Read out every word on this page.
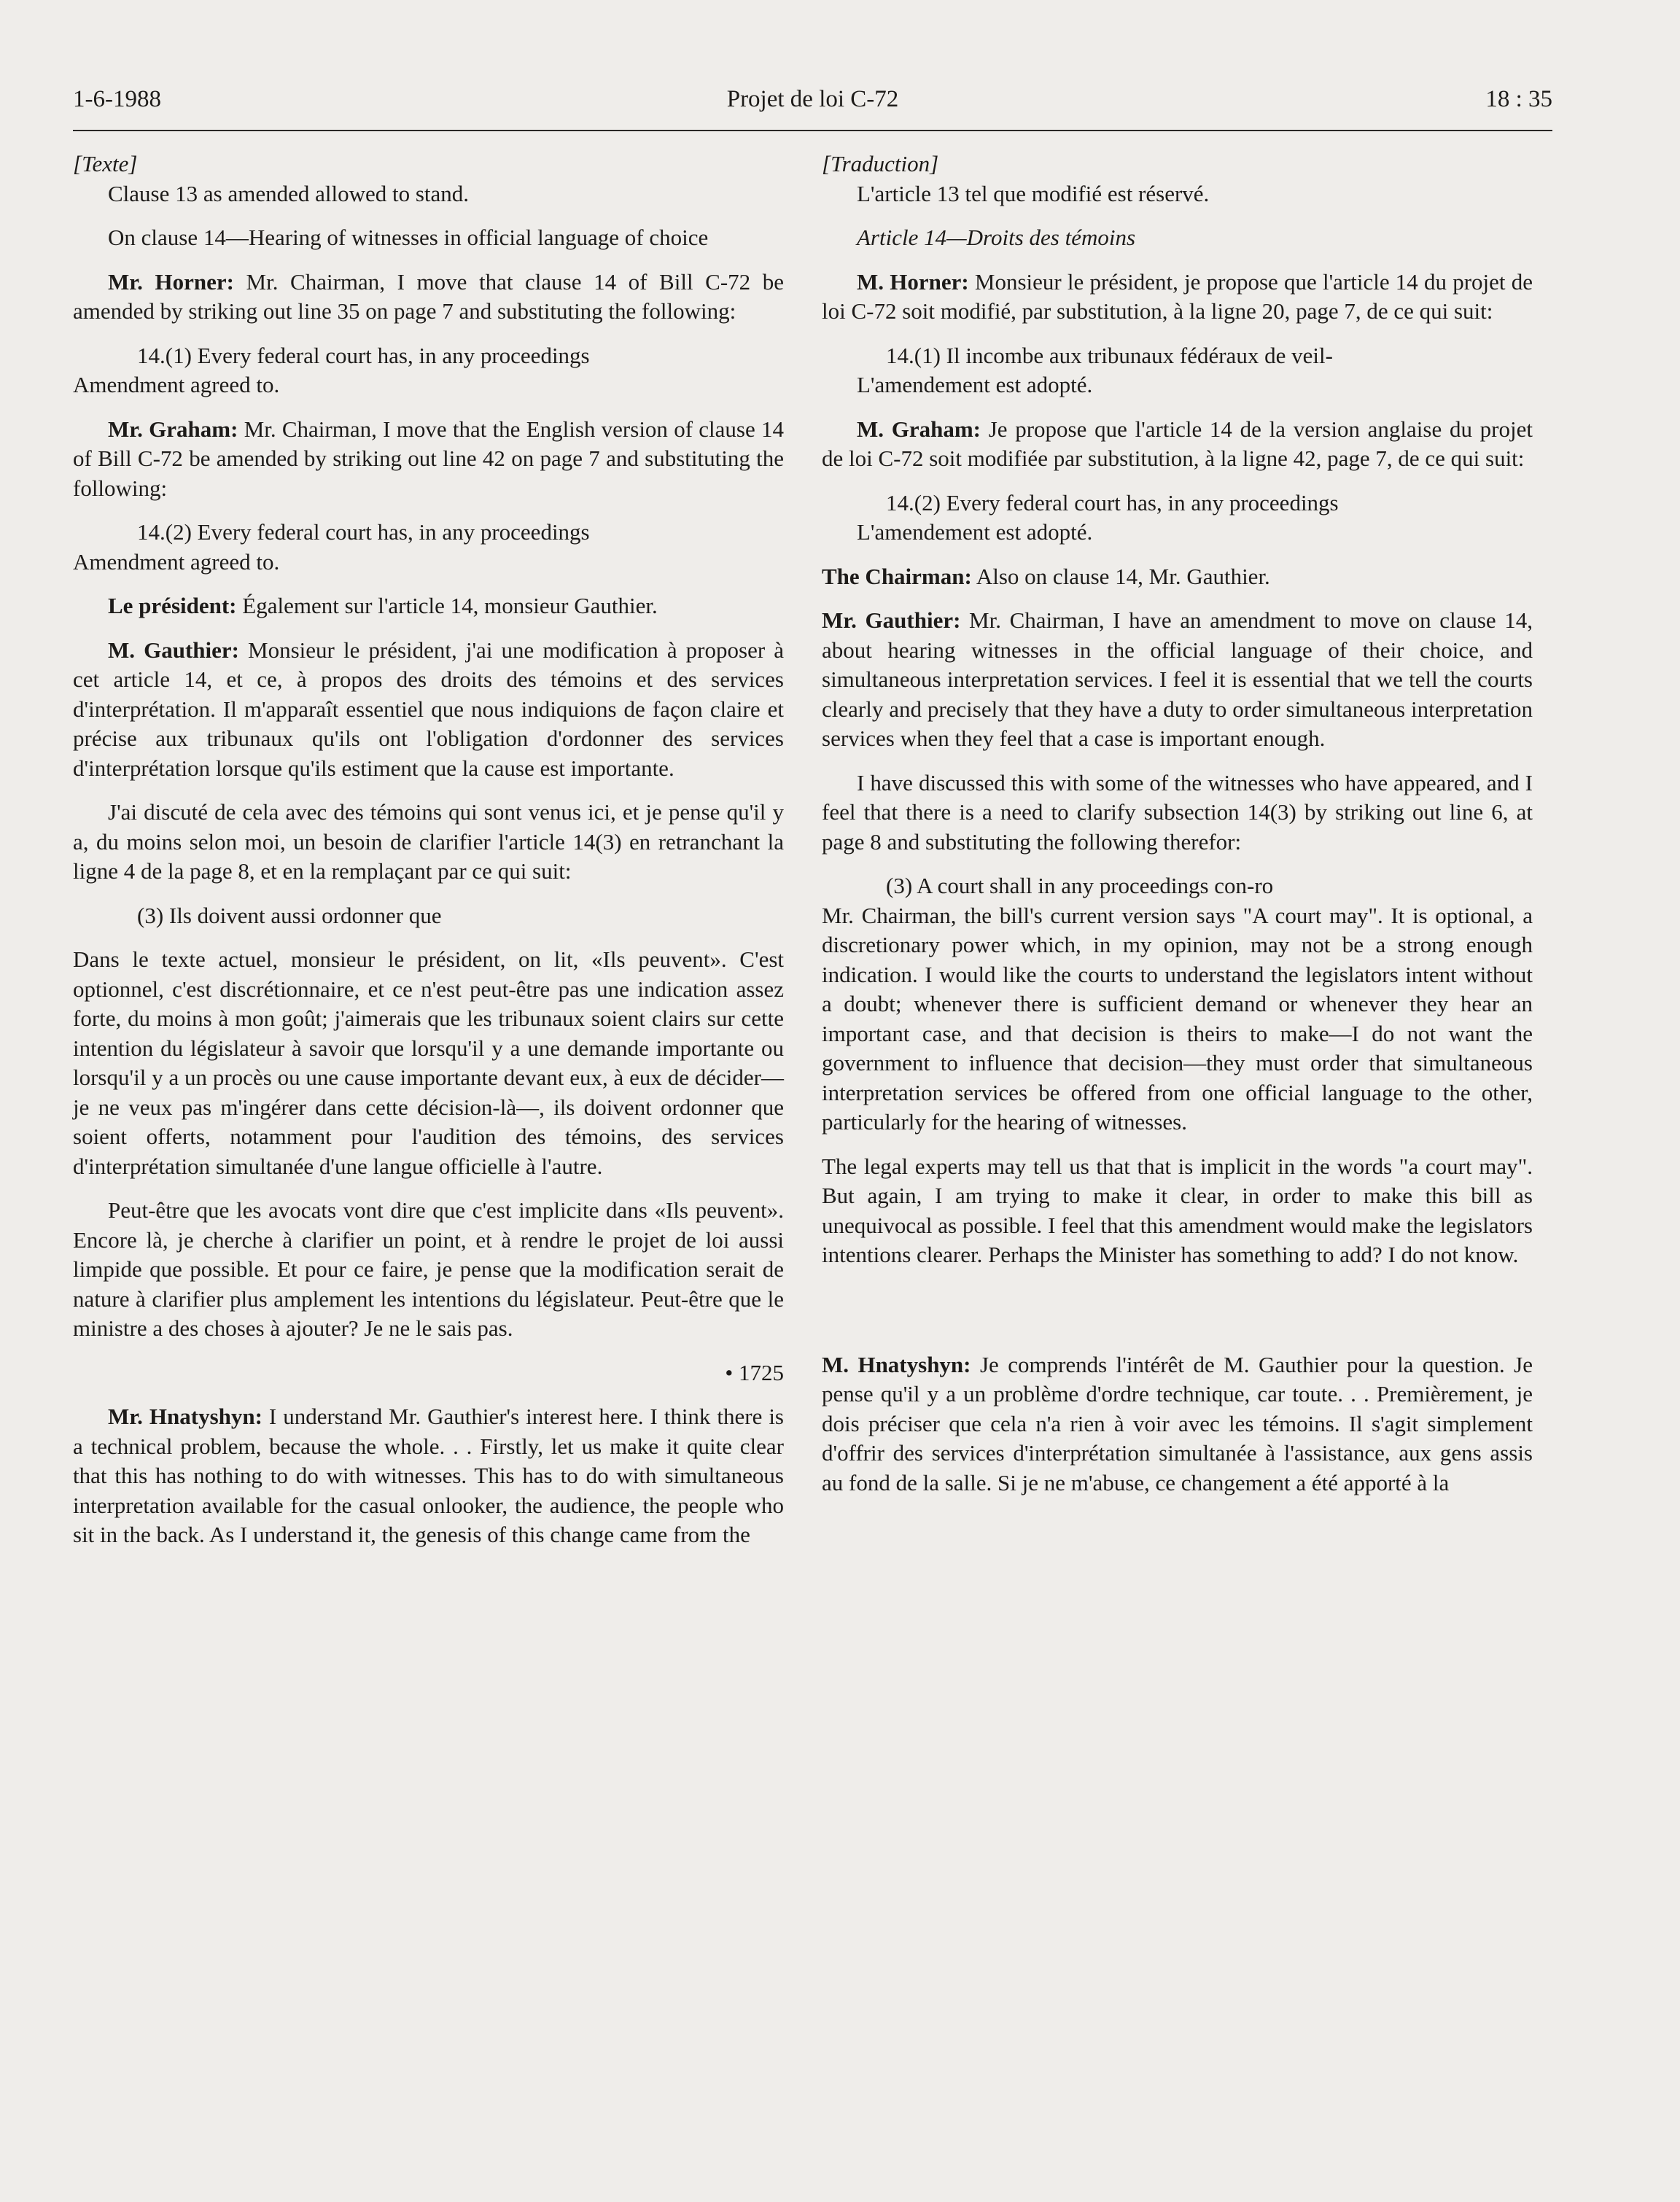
1-6-1988	Projet de loi C-72	18 : 35

[Texte]

Clause 13 as amended allowed to stand.

On clause 14—Hearing of witnesses in official language of choice

Mr. Horner: Mr. Chairman, I move that clause 14 of Bill C-72 be amended by striking out line 35 on page 7 and substituting the following:

14.(1) Every federal court has, in any proceedings

Amendment agreed to.

Mr. Graham: Mr. Chairman, I move that the English version of clause 14 of Bill C-72 be amended by striking out line 42 on page 7 and substituting the following:

14.(2) Every federal court has, in any proceedings

Amendment agreed to.

Le président: Également sur l'article 14, monsieur Gauthier.

M. Gauthier: Monsieur le président, j'ai une modification à proposer à cet article 14, et ce, à propos des droits des témoins et des services d'interprétation. Il m'apparaît essentiel que nous indiquions de façon claire et précise aux tribunaux qu'ils ont l'obligation d'ordonner des services d'interprétation lorsque qu'ils estiment que la cause est importante.

J'ai discuté de cela avec des témoins qui sont venus ici, et je pense qu'il y a, du moins selon moi, un besoin de clarifier l'article 14(3) en retranchant la ligne 4 de la page 8, et en la remplaçant par ce qui suit:

(3) Ils doivent aussi ordonner que

Dans le texte actuel, monsieur le président, on lit, «Ils peuvent». C'est optionnel, c'est discrétionnaire, et ce n'est peut-être pas une indication assez forte, du moins à mon goût; j'aimerais que les tribunaux soient clairs sur cette intention du législateur à savoir que lorsqu'il y a une demande importante ou lorsqu'il y a un procès ou une cause importante devant eux, à eux de décider—je ne veux pas m'ingérer dans cette décision-là—, ils doivent ordonner que soient offerts, notamment pour l'audition des témoins, des services d'interprétation simultanée d'une langue officielle à l'autre.

Peut-être que les avocats vont dire que c'est implicite dans «Ils peuvent». Encore là, je cherche à clarifier un point, et à rendre le projet de loi aussi limpide que possible. Et pour ce faire, je pense que la modification serait de nature à clarifier plus amplement les intentions du législateur. Peut-être que le ministre a des choses à ajouter? Je ne le sais pas.

• 1725

Mr. Hnatyshyn: I understand Mr. Gauthier's interest here. I think there is a technical problem, because the whole. . . Firstly, let us make it quite clear that this has nothing to do with witnesses. This has to do with simultaneous interpretation available for the casual onlooker, the audience, the people who sit in the back. As I understand it, the genesis of this change came from the

[Traduction]

L'article 13 tel que modifié est réservé.

Article 14—Droits des témoins

M. Horner: Monsieur le président, je propose que l'article 14 du projet de loi C-72 soit modifié, par substitution, à la ligne 20, page 7, de ce qui suit:

14.(1) Il incombe aux tribunaux fédéraux de veil-

L'amendement est adopté.

M. Graham: Je propose que l'article 14 de la version anglaise du projet de loi C-72 soit modifiée par substitution, à la ligne 42, page 7, de ce qui suit:

14.(2) Every federal court has, in any proceedings

L'amendement est adopté.

The Chairman: Also on clause 14, Mr. Gauthier.

Mr. Gauthier: Mr. Chairman, I have an amendment to move on clause 14, about hearing witnesses in the official language of their choice, and simultaneous interpretation services. I feel it is essential that we tell the courts clearly and precisely that they have a duty to order simultaneous interpretation services when they feel that a case is important enough.

I have discussed this with some of the witnesses who have appeared, and I feel that there is a need to clarify subsection 14(3) by striking out line 6, at page 8 and substituting the following therefor:

(3) A court shall in any proceedings con-ro

Mr. Chairman, the bill's current version says "A court may". It is optional, a discretionary power which, in my opinion, may not be a strong enough indication. I would like the courts to understand the legislators intent without a doubt; whenever there is sufficient demand or whenever they hear an important case, and that decision is theirs to make—I do not want the government to influence that decision—they must order that simultaneous interpretation services be offered from one official language to the other, particularly for the hearing of witnesses.

The legal experts may tell us that that is implicit in the words "a court may". But again, I am trying to make it clear, in order to make this bill as unequivocal as possible. I feel that this amendment would make the legislators intentions clearer. Perhaps the Minister has something to add? I do not know.

M. Hnatyshyn: Je comprends l'intérêt de M. Gauthier pour la question. Je pense qu'il y a un problème d'ordre technique, car toute. . . Premièrement, je dois préciser que cela n'a rien à voir avec les témoins. Il s'agit simplement d'offrir des services d'interprétation simultanée à l'assistance, aux gens assis au fond de la salle. Si je ne m'abuse, ce changement a été apporté à la
